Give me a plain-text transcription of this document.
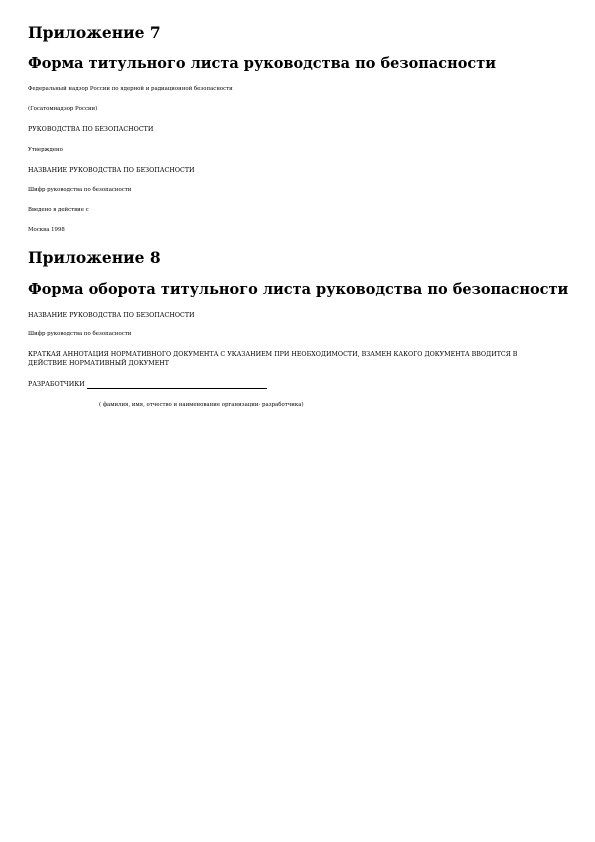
Приложение 7
Форма титульного листа руководства по безопасности

Федеральный надзор России по ядерной и радиационной безопасности

(Госатомнадзор России)

РУКОВОДСТВА ПО БЕЗОПАСНОСТИ

Утверждено

НАЗВАНИЕ РУКОВОДСТВА ПО БЕЗОПАСНОСТИ

Шифр руководства по безопасности

Введено в действие с

Москва 1998

Приложение 8
Форма оборота титульного листа руководства по безопасности

НАЗВАНИЕ РУКОВОДСТВА ПО БЕЗОПАСНОСТИ

Шифр руководства по безопасности

КРАТКАЯ АННОТАЦИЯ НОРМАТИВНОГО ДОКУМЕНТА С УКАЗАНИЕМ ПРИ НЕОБХОДИМОСТИ, ВЗАМЕН КАКОГО ДОКУМЕНТА ВВОДИТСЯ В ДЕЙСТВИЕ НОРМАТИВНЫЙ ДОКУМЕНТ

РАЗРАБОТЧИКИ

( фамилия, имя, отчество и наименование организации- разработчика)
